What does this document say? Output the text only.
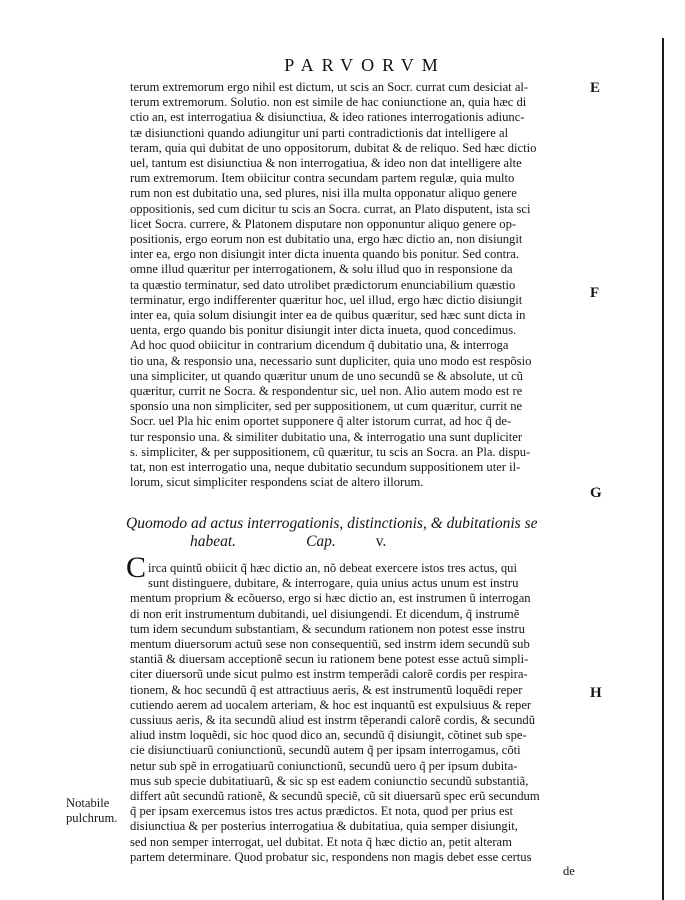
PARVORVM
E
F
G
H
terum extremorum ergo nihil est dictum, ut scis an Socr. currat cum desiciat al-
terum extremorum. Solutio. non est simile de hac coniunctione an, quia hæc di
ctio an, est interrogatiua & disiunctiua, & ideo rationes interrogationis adiunc-
tæ disiunctioni quando adiungitur uni parti contradictionis dat intelligere al
teram, quia qui dubitat de uno oppositorum, dubitat & de reliquo. Sed hæc dictio
uel, tantum est disiunctiua & non interrogatiua, & ideo non dat intelligere alte
rum extremorum. Item obiicitur contra secundam partem regulæ, quia multo
rum non est dubitatio una, sed plures, nisi illa multa opponatur aliquo genere
oppositionis, sed cum dicitur tu scis an Socra. currat, an Plato disputent, ista sci
licet Socra. currere, & Platonem disputare non opponuntur aliquo genere op-
positionis, ergo eorum non est dubitatio una, ergo hæc dictio an, non disiungit
inter ea, ergo non disiungit inter dicta inuenta quando bis ponitur. Sed contra.
omne illud quæritur per interrogationem, & solu illud quo in responsione da
ta quæstio terminatur, sed dato utrolibet prædictorum enunciabilium quæstio
terminatur, ergo indifferenter quæritur hoc, uel illud, ergo hæc dictio disiungit
inter ea, quia solum disiungit inter ea de quibus quæritur, sed hæc sunt dicta in
uenta, ergo quando bis ponitur disiungit inter dicta inueta, quod concedimus.
Ad hoc quod obiicitur in contrarium dicendum q̃ dubitatio una, & interroga
tio una, & responsio una, necessario sunt dupliciter, quia uno modo est respõsio
una simpliciter, ut quando quæritur unum de uno secundũ se & absolute, ut cũ
quæritur, currit ne Socra. & respondentur sic, uel non. Alio autem modo est re
sponsio una non simpliciter, sed per suppositionem, ut cum quæritur, currit ne
Socr. uel Pla hic enim oportet supponere q̃ alter istorum currat, ad hoc q̃ de-
tur responsio una. & similiter dubitatio una, & interrogatio una sunt dupliciter
s. simpliciter, & per suppositionem, cũ quæritur, tu scis an Socra. an Pla. dispu-
tat, non est interrogatio una, neque dubitatio secundum suppositionem uter il-
lorum, sicut simpliciter respondens sciat de altero illorum.
Quomodo ad actus interrogationis, distinctionis, & dubitationis se
habeat.	Cap.	v.
C irca quintũ obiicit q̃ hæc dictio an, nõ debeat exercere istos tres actus, qui
sunt distinguere, dubitare, & interrogare, quia unius actus unum est instru
mentum proprium & ecõuerso, ergo si hæc dictio an, est instrumen ũ interrogan
di non erit instrumentum dubitandi, uel disiungendi. Et dicendum, q̃ instrumẽ
tum idem secundum substantiam, & secundum rationem non potest esse instru
mentum diuersorum actuũ sese non consequentiũ, sed instrm idem secundũ sub
stantiã & diuersam acceptionẽ secun iu rationem bene potest esse actuũ simpli-
citer diuersorũ unde sicut pulmo est instrm temperãdi calorẽ cordis per respira-
tionem, & hoc secundũ q̃ est attractiuus aeris, & est instrumentũ loquẽdi reper
cutiendo aerem ad uocalem arteriam, & hoc est inquantũ est expulsiuus & reper
cussiuus aeris, & ita secundũ aliud est instrm tẽperandi calorẽ cordis, & secundũ
aliud instm loquẽdi, sic hoc quod dico an, secundũ q̃ disiungit, cõtinet sub spe-
cie disiunctiuarũ coniunctionũ, secundũ autem q̃ per ipsam interrogamus, cõti
netur sub spẽ in errogatiuarũ coniunctionũ, secundũ uero q̃ per ipsum dubita-
mus sub specie dubitatiuarũ, & sic sp est eadem coniunctio secundũ substantiã,
differt aũt secundũ rationẽ, & secundũ speciẽ, cũ sit diuersarũ spec erũ secundum
q̃ per ipsam exercemus istos tres actus prædictos. Et nota, quod per prius est
disiunctiua & per posterius interrogatiua & dubitatiua, quia semper disiungit,
sed non semper interrogat, uel dubitat. Et nota q̃ hæc dictio an, petit alteram
partem determinare. Quod probatur sic, respondens non magis debet esse certus
Notabile
pulchrum.
de
